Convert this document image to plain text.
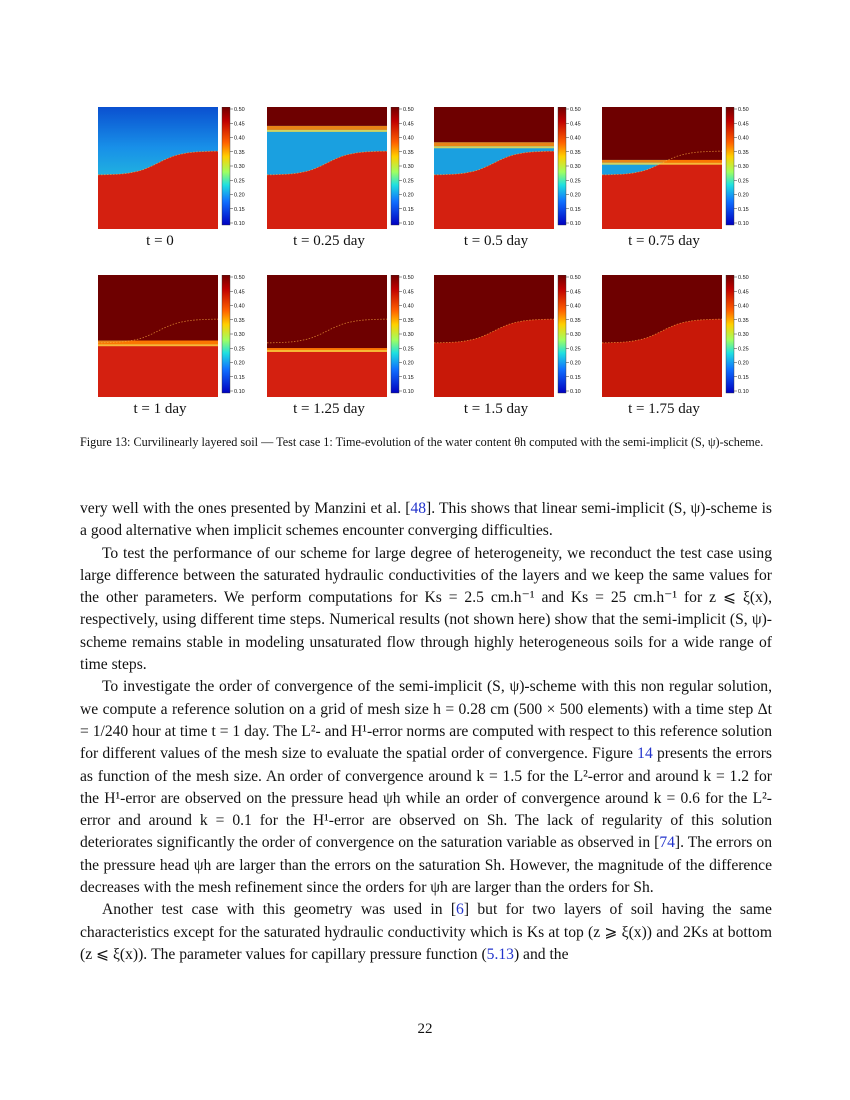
0.50
0.45
0.40
0.35
0.30
0.25
0.20
0.15
0.10
t = 0
0.50
0.45
0.40
0.35
0.30
0.25
0.20
0.15
0.10
t = 0.25 day
0.50
0.45
0.40
0.35
0.30
0.25
0.20
0.15
0.10
t = 0.5 day
0.50
0.45
0.40
0.35
0.30
0.25
0.20
0.15
0.10
t = 0.75 day
0.50
0.45
0.40
0.35
0.30
0.25
0.20
0.15
0.10
t = 1 day
0.50
0.45
0.40
0.35
0.30
0.25
0.20
0.15
0.10
t = 1.25 day
0.50
0.45
0.40
0.35
0.30
0.25
0.20
0.15
0.10
t = 1.5 day
0.50
0.45
0.40
0.35
0.30
0.25
0.20
0.15
0.10
t = 1.75 day
Figure 13: Curvilinearly layered soil — Test case 1: Time-evolution of the water content θh computed with the semi-implicit (S, ψ)-scheme.

very well with the ones presented by Manzini et al. [48]. This shows that linear semi-implicit (S, ψ)-scheme is a good alternative when implicit schemes encounter converging difficulties.

To test the performance of our scheme for large degree of heterogeneity, we reconduct the test case using large difference between the saturated hydraulic conductivities of the layers and we keep the same values for the other parameters. We perform computations for Ks = 2.5 cm.h⁻¹ and Ks = 25 cm.h⁻¹ for z ⩽ ξ(x), respectively, using different time steps. Numerical results (not shown here) show that the semi-implicit (S, ψ)-scheme remains stable in modeling unsaturated flow through highly heterogeneous soils for a wide range of time steps.

To investigate the order of convergence of the semi-implicit (S, ψ)-scheme with this non regular solution, we compute a reference solution on a grid of mesh size h = 0.28 cm (500 × 500 elements) with a time step Δt = 1/240 hour at time t = 1 day. The L²- and H¹-error norms are computed with respect to this reference solution for different values of the mesh size to evaluate the spatial order of convergence. Figure 14 presents the errors as function of the mesh size. An order of convergence around k = 1.5 for the L²-error and around k = 1.2 for the H¹-error are observed on the pressure head ψh while an order of convergence around k = 0.6 for the L²-error and around k = 0.1 for the H¹-error are observed on Sh. The lack of regularity of this solution deteriorates significantly the order of convergence on the saturation variable as observed in [74]. The errors on the pressure head ψh are larger than the errors on the saturation Sh. However, the magnitude of the difference decreases with the mesh refinement since the orders for ψh are larger than the orders for Sh.

Another test case with this geometry was used in [6] but for two layers of soil having the same characteristics except for the saturated hydraulic conductivity which is Ks at top (z ⩾ ξ(x)) and 2Ks at bottom (z ⩽ ξ(x)). The parameter values for capillary pressure function (5.13) and the

22
